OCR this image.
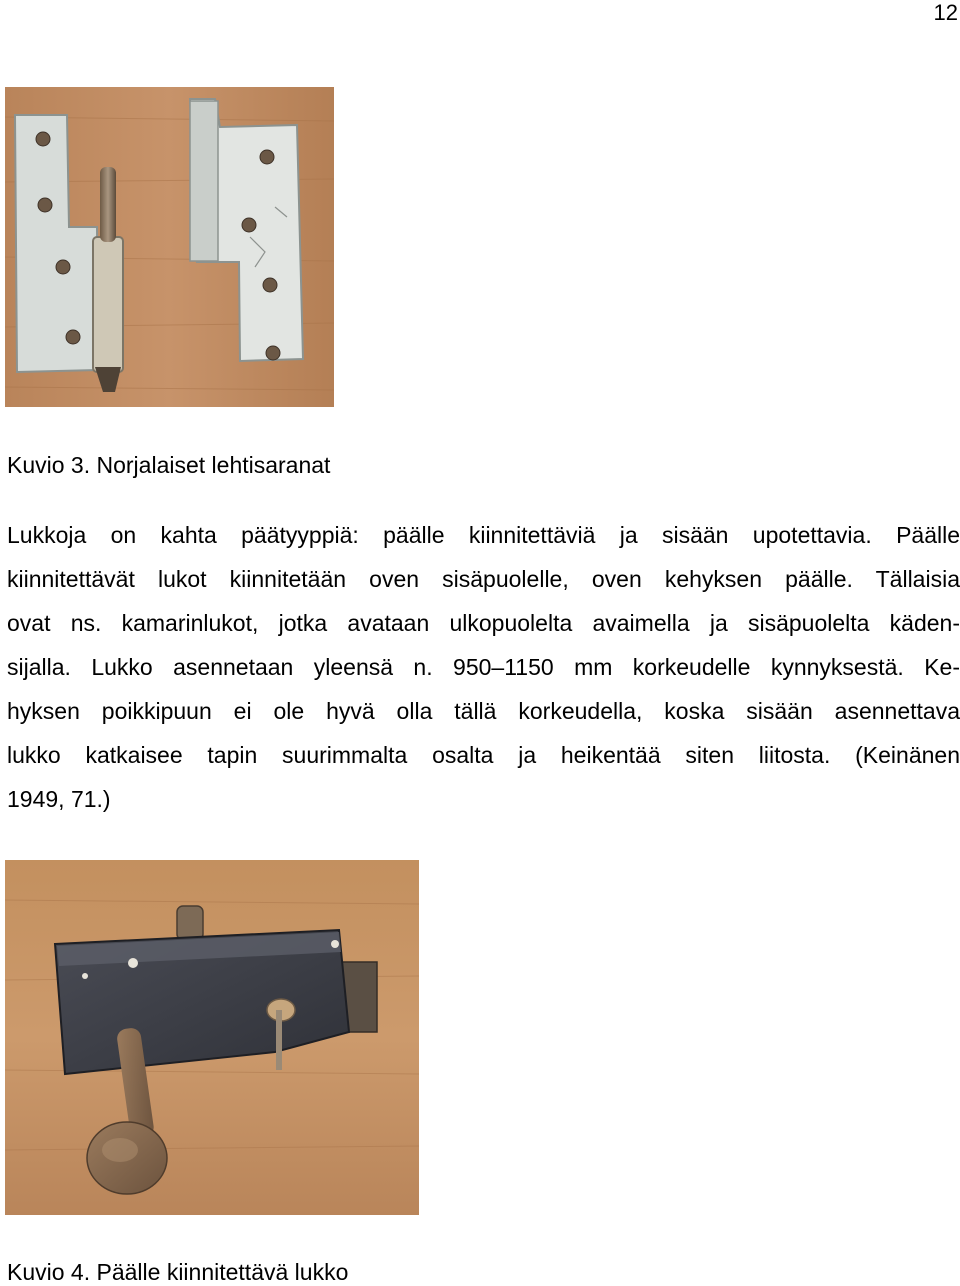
12
Kuvio 3. Norjalaiset lehtisaranat
Lukkoja on kahta päätyyppiä: päälle kiinnitettäviä ja sisään upotettavia. Päälle
kiinnitettävät lukot kiinnitetään oven sisäpuolelle, oven kehyksen päälle. Tällaisia
ovat ns. kamarinlukot, jotka avataan ulkopuolelta avaimella ja sisäpuolelta käden-
sijalla. Lukko asennetaan yleensä n. 950–1150 mm korkeudelle kynnyksestä. Ke-
hyksen poikkipuun ei ole hyvä olla tällä korkeudella, koska sisään asennettava
lukko katkaisee tapin suurimmalta osalta ja heikentää siten liitosta. (Keinänen
1949, 71.)
Kuvio 4. Päälle kiinnitettävä lukko
